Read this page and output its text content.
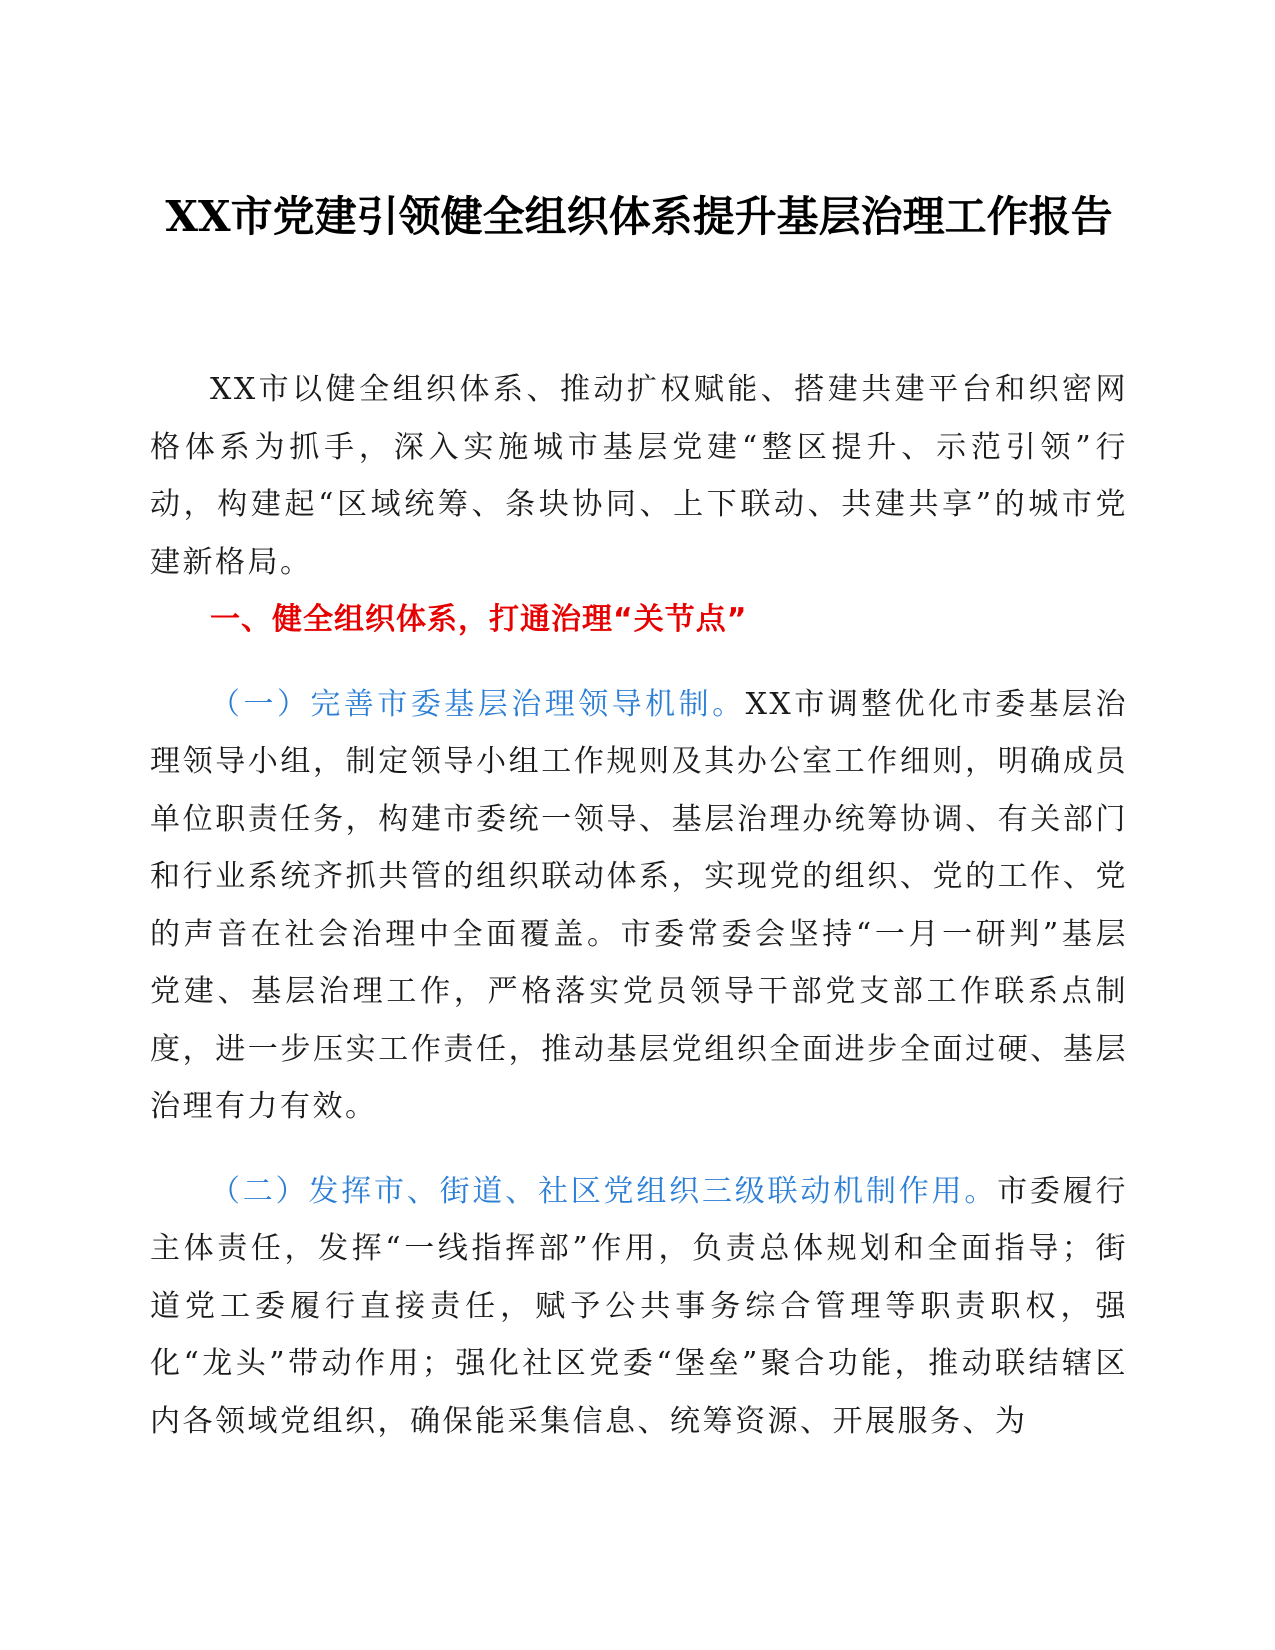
XX市党建引领健全组织体系提升基层治理工作报告

XX市以健全组织体系、推动扩权赋能、搭建共建平台和织密网格体系为抓手，深入实施城市基层党建“整区提升、示范引领”行动，构建起“区域统筹、条块协同、上下联动、共建共享”的城市党建新格局。

一、健全组织体系，打通治理“关节点”

（一）完善市委基层治理领导机制。XX市调整优化市委基层治理领导小组，制定领导小组工作规则及其办公室工作细则，明确成员单位职责任务，构建市委统一领导、基层治理办统筹协调、有关部门和行业系统齐抓共管的组织联动体系，实现党的组织、党的工作、党的声音在社会治理中全面覆盖。市委常委会坚持“一月一研判”基层党建、基层治理工作，严格落实党员领导干部党支部工作联系点制度，进一步压实工作责任，推动基层党组织全面进步全面过硬、基层治理有力有效。

（二）发挥市、街道、社区党组织三级联动机制作用。市委履行主体责任，发挥“一线指挥部”作用，负责总体规划和全面指导；街道党工委履行直接责任，赋予公共事务综合管理等职责职权，强化“龙头”带动作用；强化社区党委“堡垒”聚合功能，推动联结辖区内各领域党组织，确保能采集信息、统筹资源、开展服务、为
